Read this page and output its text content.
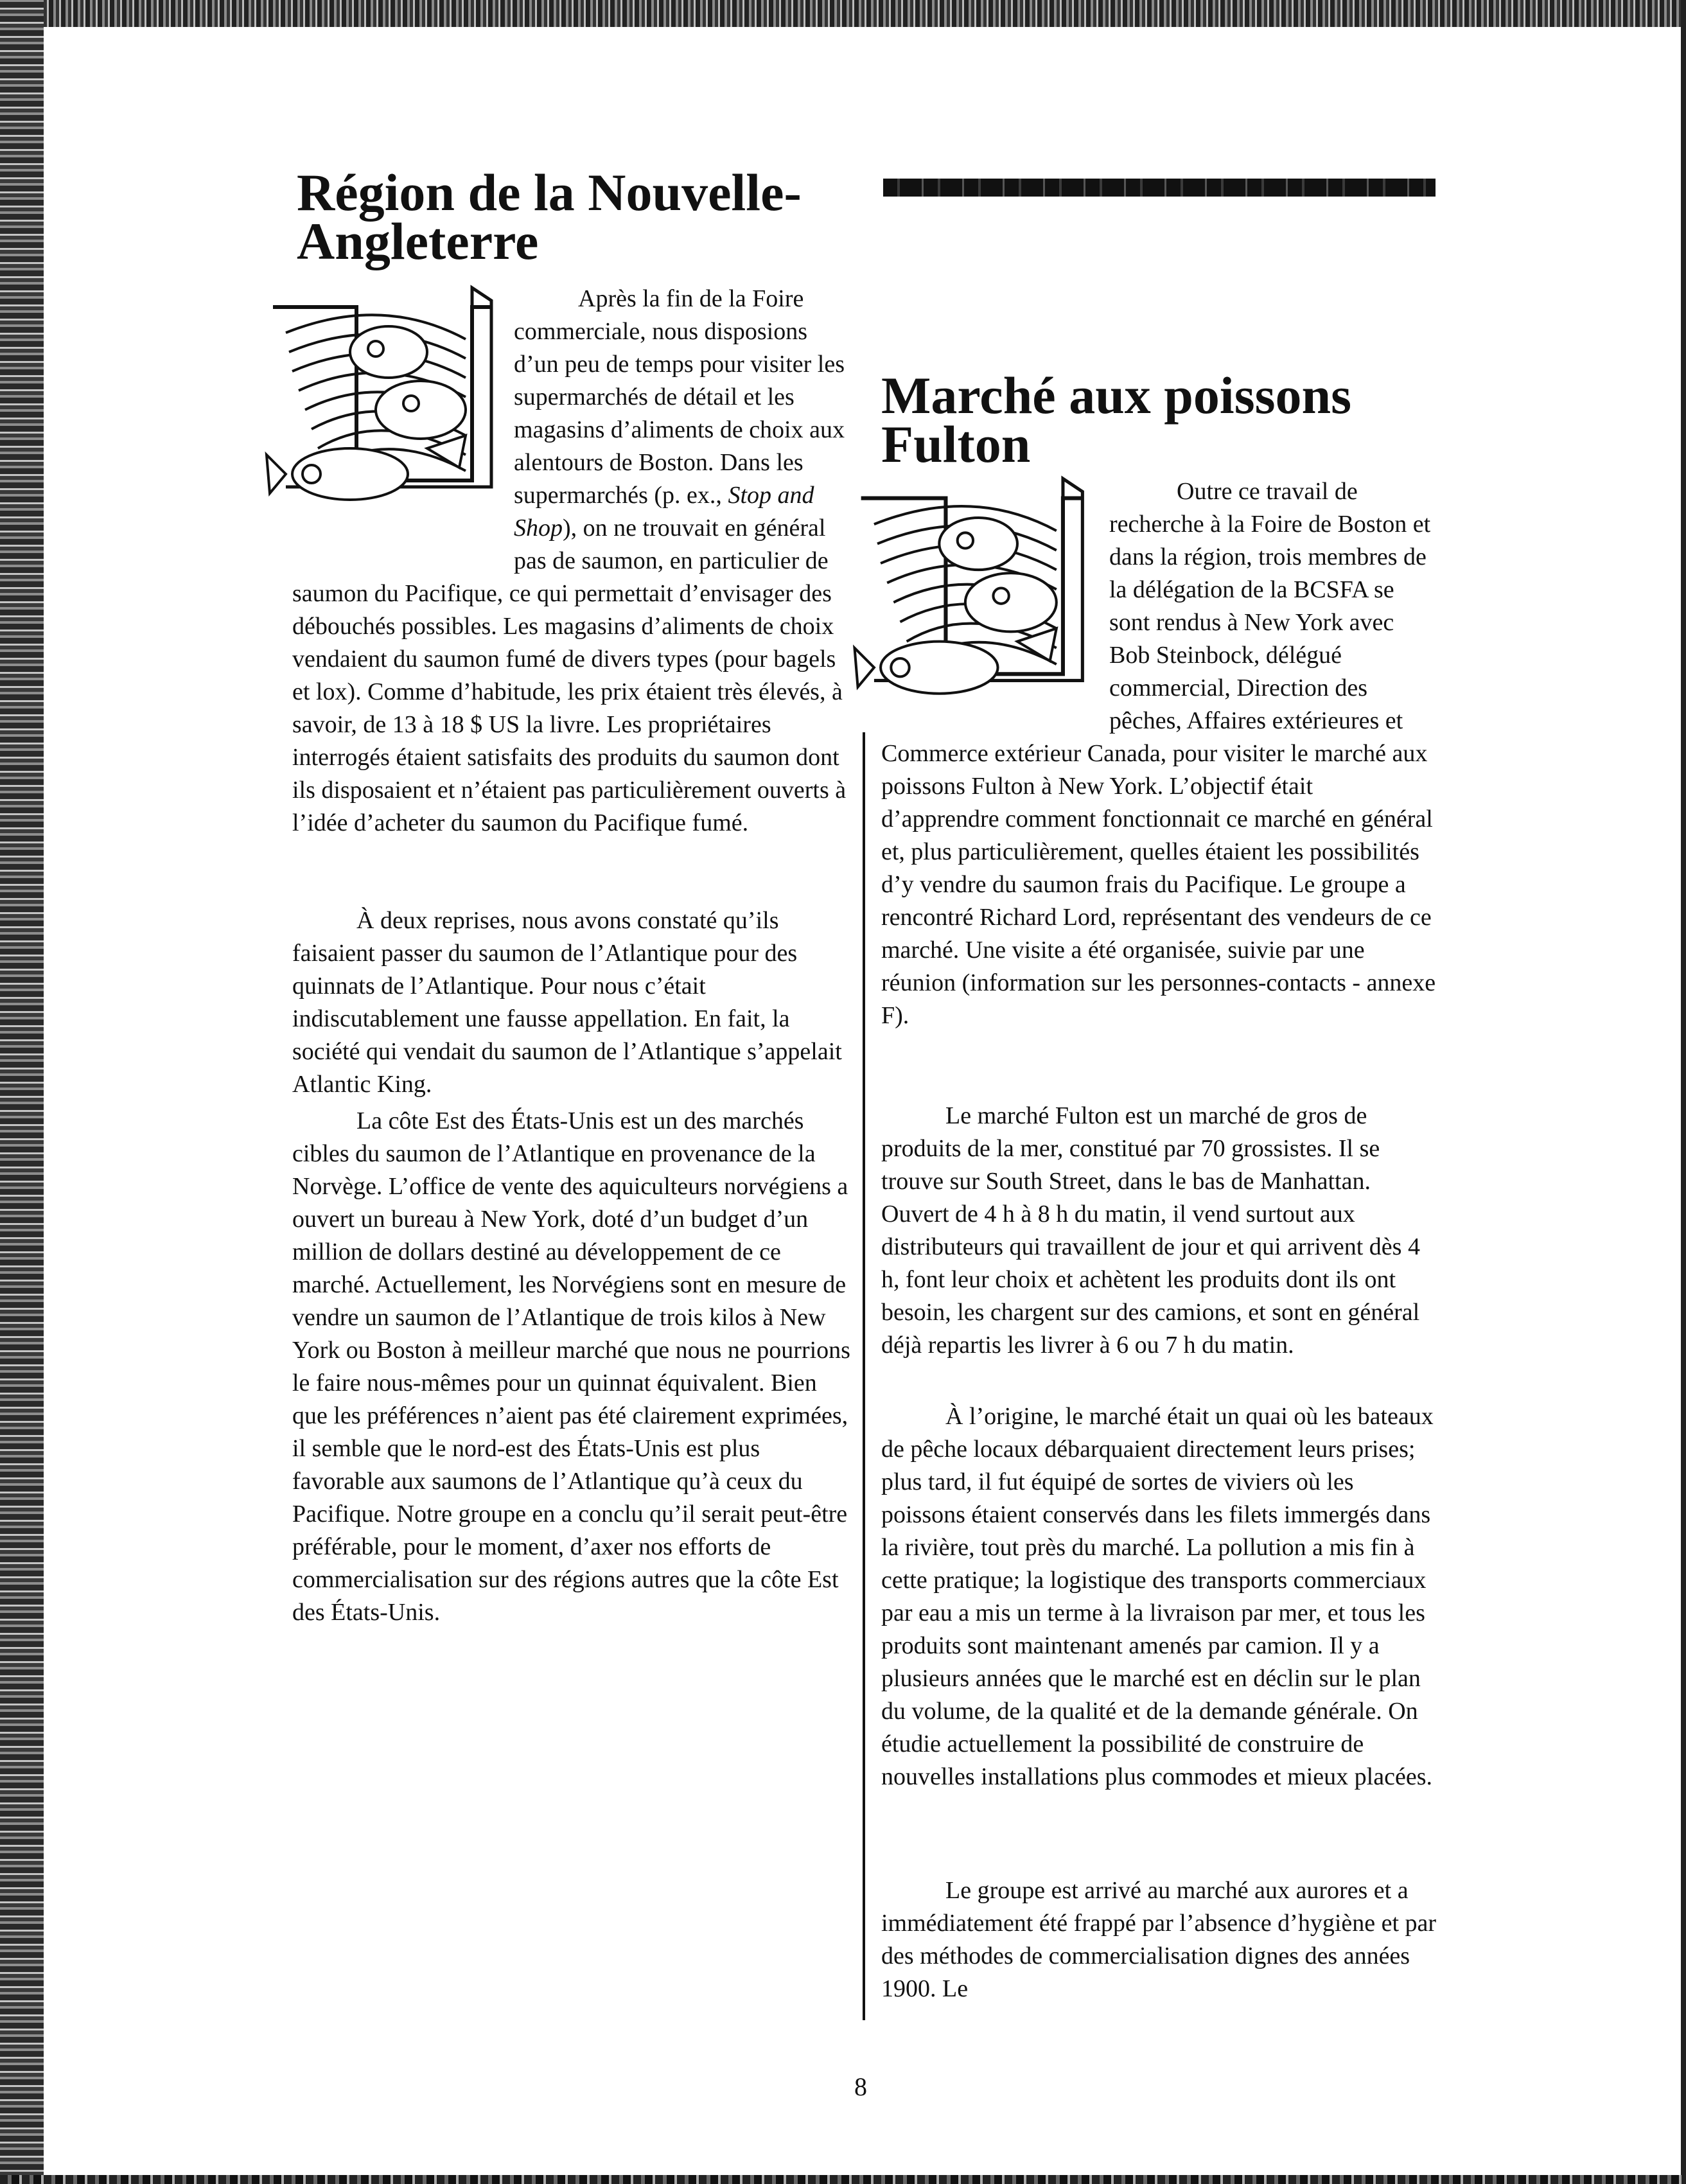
Région de la Nouvelle-Angleterre

Après la fin de la Foire commerciale, nous disposions d’un peu de temps pour visiter les supermarchés de détail et les magasins d’aliments de choix aux alentours de Boston. Dans les supermarchés (p. ex., Stop and Shop), on ne trouvait en général pas de saumon, en particulier de saumon du Pacifique, ce qui permettait d’envisager des débouchés possibles. Les magasins d’aliments de choix vendaient du saumon fumé de divers types (pour bagels et lox). Comme d’habitude, les prix étaient très élevés, à savoir, de 13 à 18 $ US la livre. Les propriétaires interrogés étaient satisfaits des produits du saumon dont ils disposaient et n’étaient pas particulièrement ouverts à l’idée d’acheter du saumon du Pacifique fumé.

À deux reprises, nous avons constaté qu’ils faisaient passer du saumon de l’Atlantique pour des quinnats de l’Atlantique. Pour nous c’était indiscutablement une fausse appellation. En fait, la société qui vendait du saumon de l’Atlantique s’appelait Atlantic King.

La côte Est des États-Unis est un des marchés cibles du saumon de l’Atlantique en provenance de la Norvège. L’office de vente des aquiculteurs norvégiens a ouvert un bureau à New York, doté d’un budget d’un million de dollars destiné au développement de ce marché. Actuellement, les Norvégiens sont en mesure de vendre un saumon de l’Atlantique de trois kilos à New York ou Boston à meilleur marché que nous ne pourrions le faire nous-mêmes pour un quinnat équivalent. Bien que les préférences n’aient pas été clairement exprimées, il semble que le nord-est des États-Unis est plus favorable aux saumons de l’Atlantique qu’à ceux du Pacifique. Notre groupe en a conclu qu’il serait peut-être préférable, pour le moment, d’axer nos efforts de commercialisation sur des régions autres que la côte Est des États-Unis.

Marché aux poissons Fulton

Outre ce travail de recherche à la Foire de Boston et dans la région, trois membres de la délégation de la BCSFA se sont rendus à New York avec Bob Steinbock, délégué commercial, Direction des pêches, Affaires extérieures et Commerce extérieur Canada, pour visiter le marché aux poissons Fulton à New York. L’objectif était d’apprendre comment fonctionnait ce marché en général et, plus particulièrement, quelles étaient les possibilités d’y vendre du saumon frais du Pacifique. Le groupe a rencontré Richard Lord, représentant des vendeurs de ce marché. Une visite a été organisée, suivie par une réunion (information sur les personnes-contacts - annexe F).

Le marché Fulton est un marché de gros de produits de la mer, constitué par 70 grossistes. Il se trouve sur South Street, dans le bas de Manhattan. Ouvert de 4 h à 8 h du matin, il vend surtout aux distributeurs qui travaillent de jour et qui arrivent dès 4 h, font leur choix et achètent les produits dont ils ont besoin, les chargent sur des camions, et sont en général déjà repartis les livrer à 6 ou 7 h du matin.

À l’origine, le marché était un quai où les bateaux de pêche locaux débarquaient directement leurs prises; plus tard, il fut équipé de sortes de viviers où les poissons étaient conservés dans les filets immergés dans la rivière, tout près du marché. La pollution a mis fin à cette pratique; la logistique des transports commerciaux par eau a mis un terme à la livraison par mer, et tous les produits sont maintenant amenés par camion. Il y a plusieurs années que le marché est en déclin sur le plan du volume, de la qualité et de la demande générale. On étudie actuellement la possibilité de construire de nouvelles installations plus commodes et mieux placées.

Le groupe est arrivé au marché aux aurores et a immédiatement été frappé par l’absence d’hygiène et par des méthodes de commercialisation dignes des années 1900. Le

8
